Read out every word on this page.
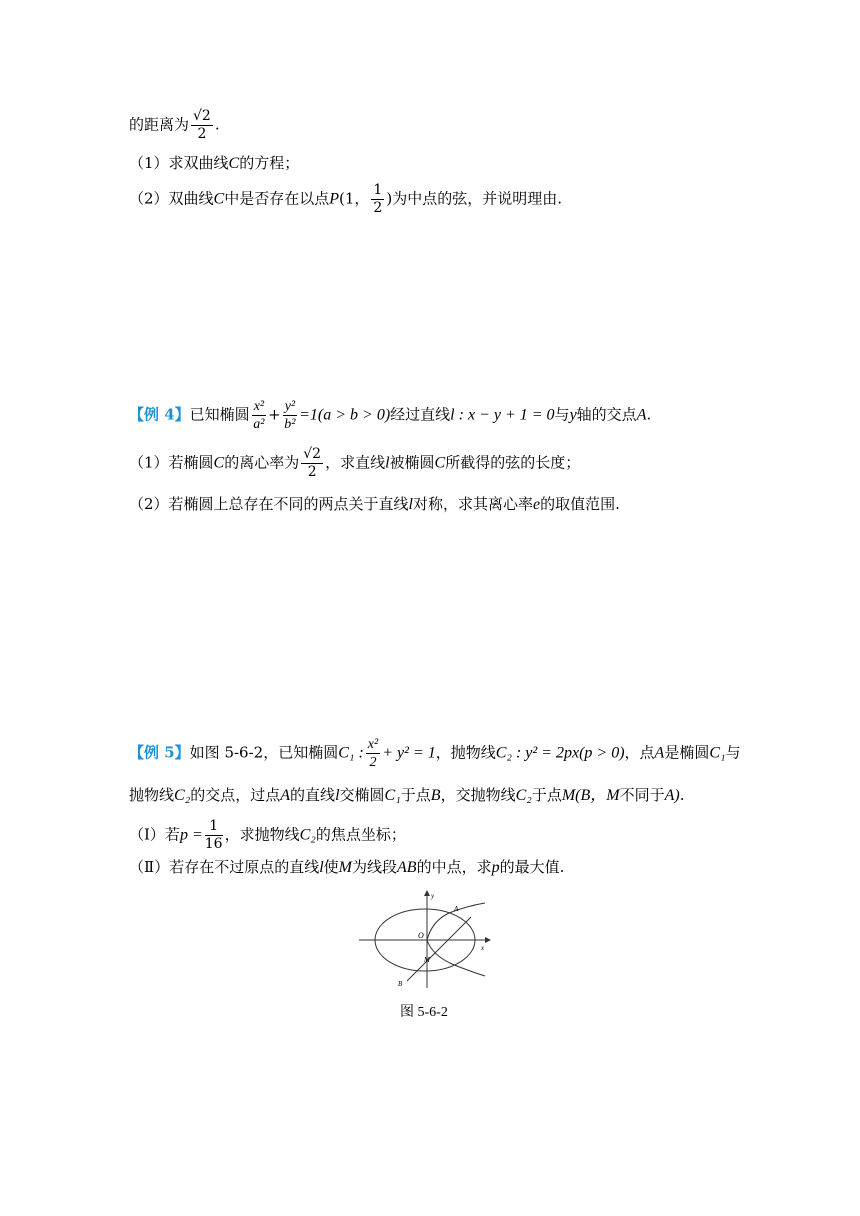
的距离为 $\frac{√2}{2}$ .
（1）求双曲线C的方程；
（2）双曲线C中是否存在以点P(1， $\frac{1}{2}$ )为中点的弦，并说明理由.
【例 4】已知椭圆 $\frac{\text{x²}}{\text{a²}} + \frac{\text{y²}}{\text{b²}} =1(a > b > 0)$经过直线l : x − y + 1 = 0与y轴的交点A.
（1）若椭圆C的离心率为 $\frac{√2}{2}$ ，求直线l被椭圆C所截得的弦的长度；
（2）若椭圆上总存在不同的两点关于直线l对称，求其离心率e的取值范围.
【例 5】如图 5-6-2，已知椭圆C₁ : $\frac{\text{x²}}{2} + y^2 = 1$，抛物线C₂ : y² = 2px(p > 0)，点A是椭圆C₁与
抛物线C₂的交点，过点A的直线l交椭圆C₁于点B，交抛物线C₂于点M(B，M不同于A).
（Ⅰ）若$p = \frac{1}{16}$ ，求抛物线C₂的焦点坐标；
（Ⅱ）若存在不过原点的直线l使M为线段AB的中点，求p的最大值.
y
x
O
A
M
B
图 5-6-2
